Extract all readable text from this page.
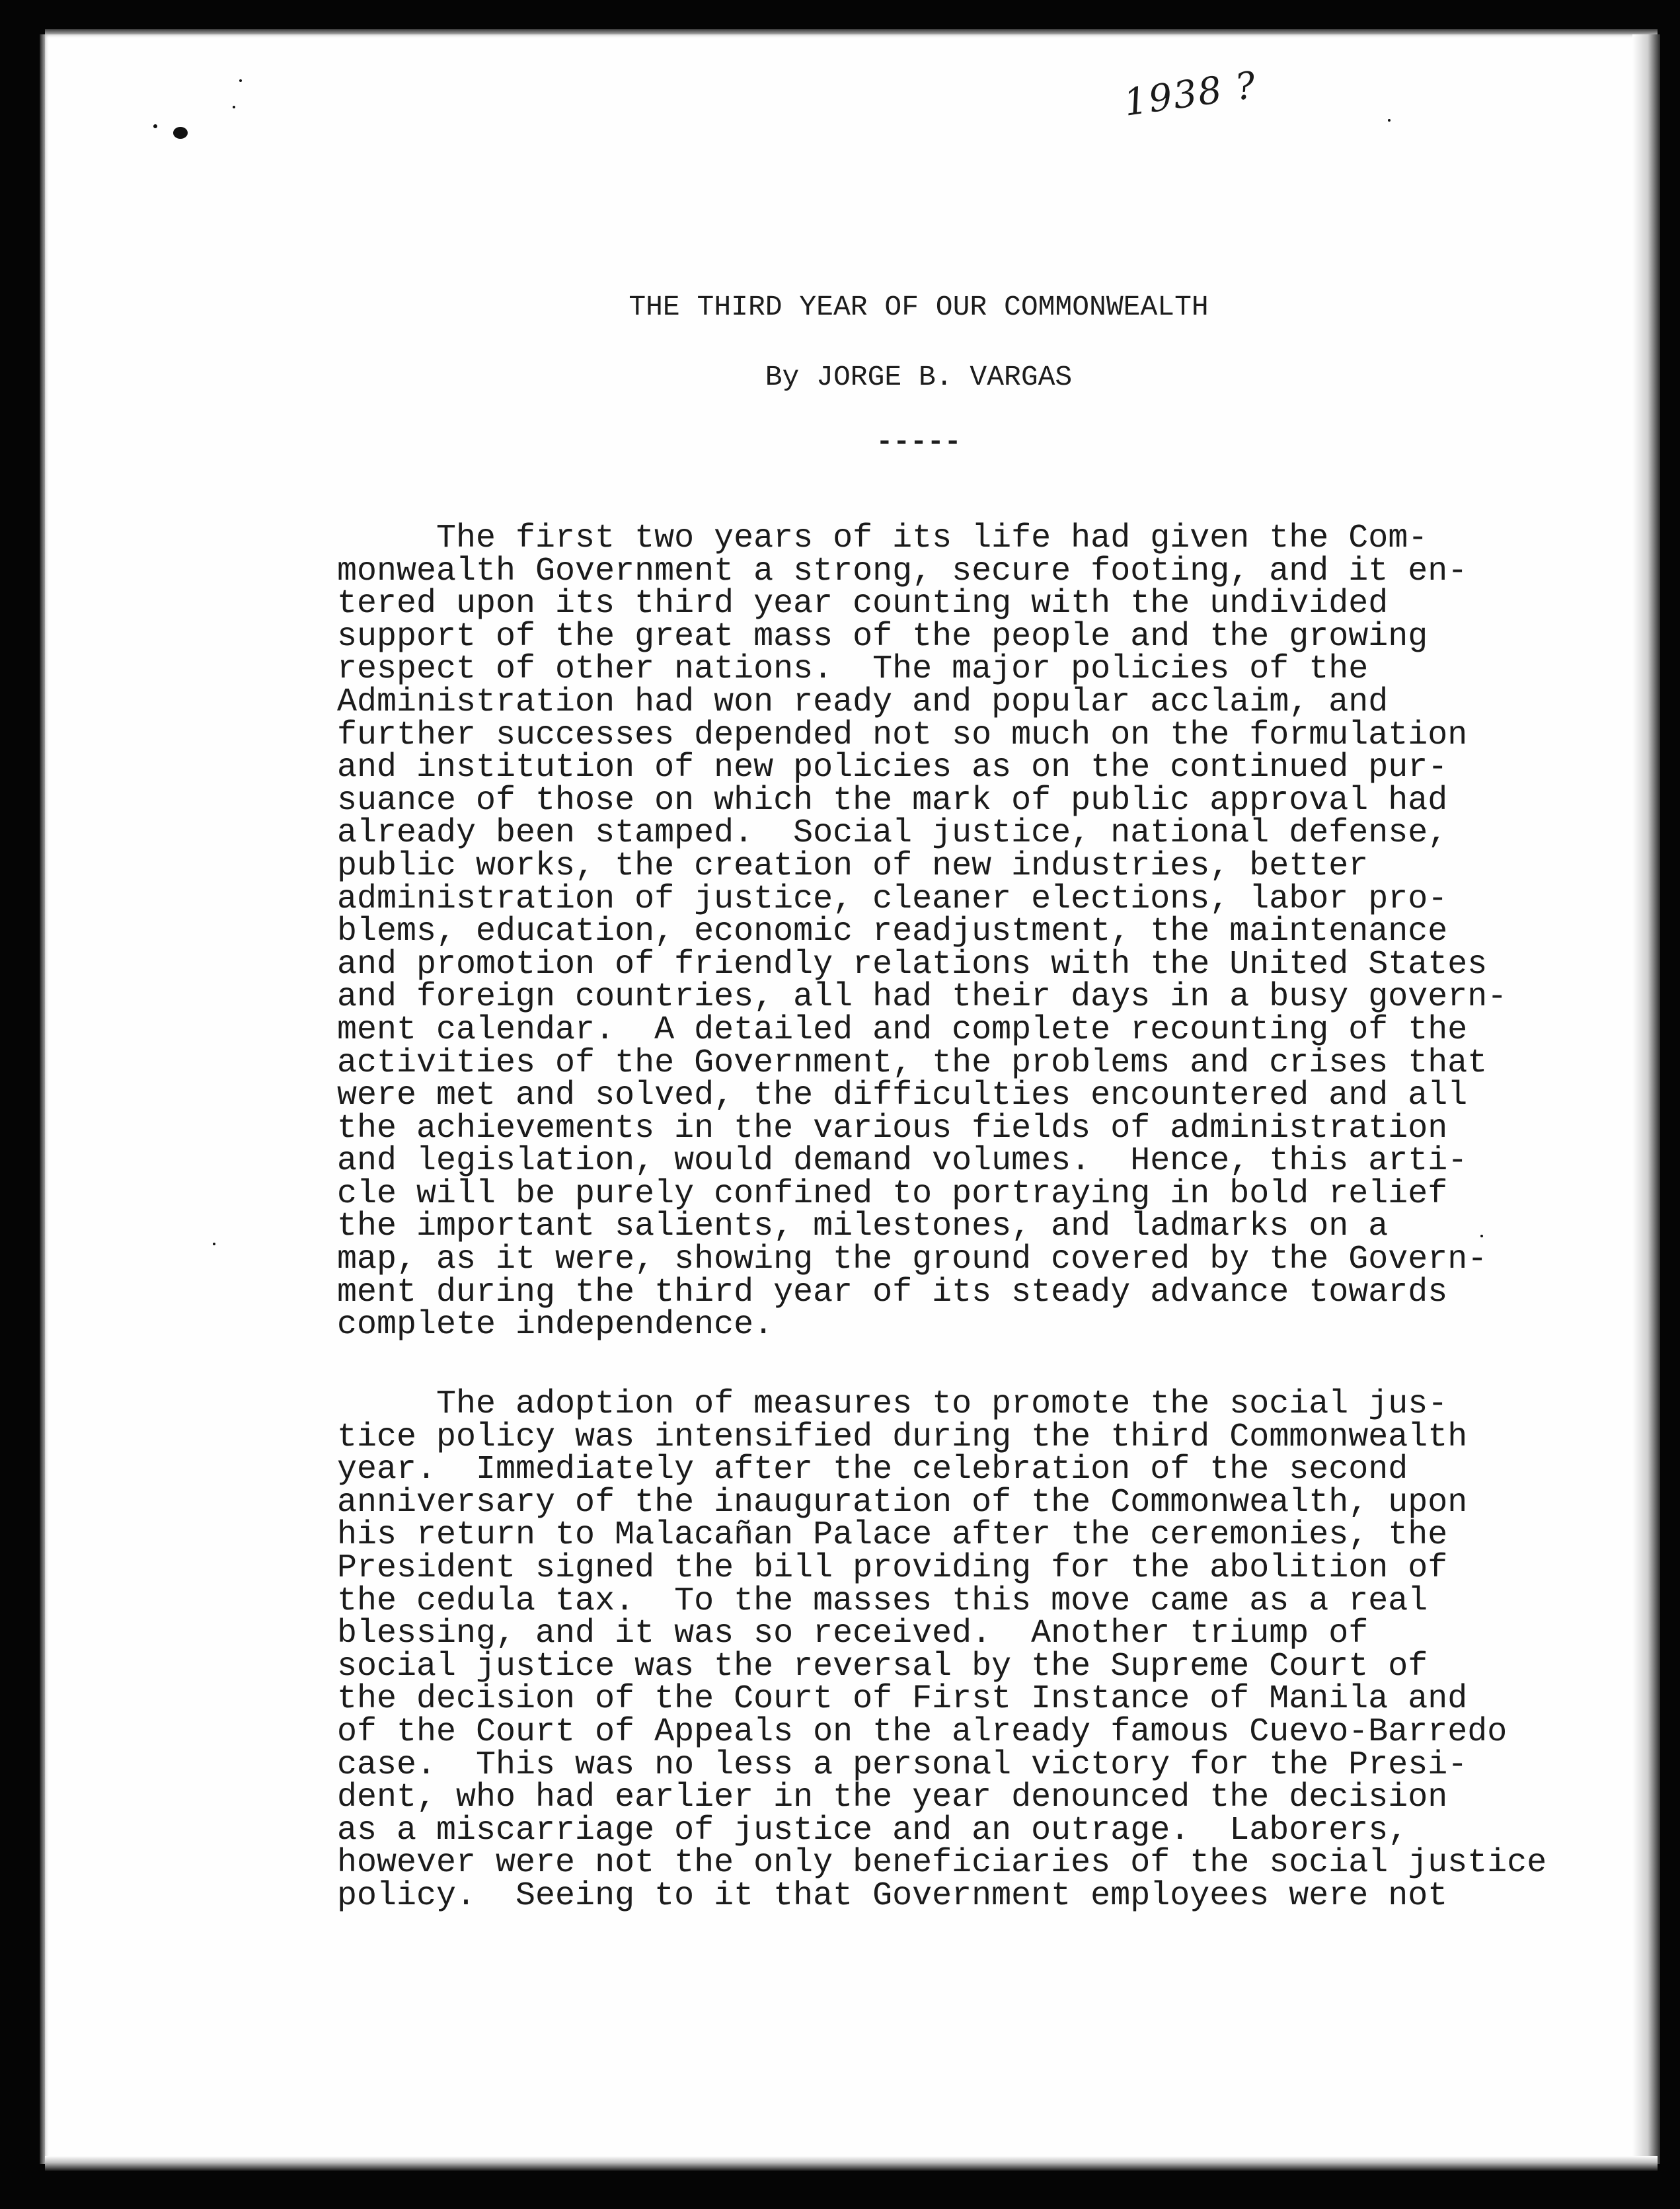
1938 ?
THE THIRD YEAR OF OUR COMMONWEALTH
By JORGE B. VARGAS
-----
The first two years of its life had given the Com-
monwealth Government a strong, secure footing, and it en-
tered upon its third year counting with the undivided
support of the great mass of the people and the growing
respect of other nations.  The major policies of the
Administration had won ready and popular acclaim, and
further successes depended not so much on the formulation
and institution of new policies as on the continued pur-
suance of those on which the mark of public approval had
already been stamped.  Social justice, national defense,
public works, the creation of new industries, better
administration of justice, cleaner elections, labor pro-
blems, education, economic readjustment, the maintenance
and promotion of friendly relations with the United States
and foreign countries, all had their days in a busy govern-
ment calendar.  A detailed and complete recounting of the
activities of the Government, the problems and crises that
were met and solved, the difficulties encountered and all
the achievements in the various fields of administration
and legislation, would demand volumes.  Hence, this arti-
cle will be purely confined to portraying in bold relief
the important salients, milestones, and ladmarks on a
map, as it were, showing the ground covered by the Govern-
ment during the third year of its steady advance towards
complete independence.
The adoption of measures to promote the social jus-
tice policy was intensified during the third Commonwealth
year.  Immediately after the celebration of the second
anniversary of the inauguration of the Commonwealth, upon
his return to Malacañan Palace after the ceremonies, the
President signed the bill providing for the abolition of
the cedula tax.  To the masses this move came as a real
blessing, and it was so received.  Another triump of
social justice was the reversal by the Supreme Court of
the decision of the Court of First Instance of Manila and
of the Court of Appeals on the already famous Cuevo-Barredo
case.  This was no less a personal victory for the Presi-
dent, who had earlier in the year denounced the decision
as a miscarriage of justice and an outrage.  Laborers,
however were not the only beneficiaries of the social justice
policy.  Seeing to it that Government employees were not
